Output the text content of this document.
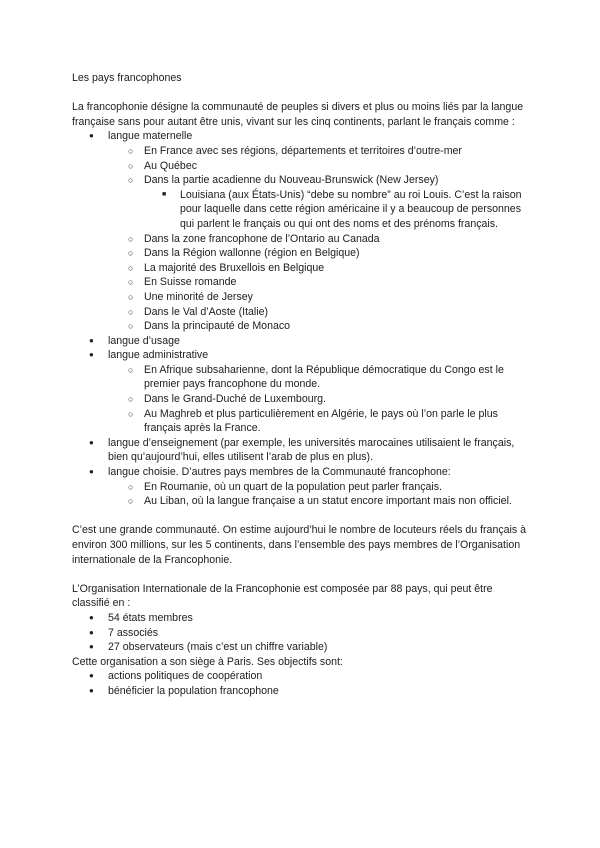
Les pays francophones

La francophonie désigne la communauté de peuples si divers et plus ou moins liés par la langue française sans pour autant être unis, vivant sur les cinq continents, parlant le français comme :

● langue maternelle
○ En France avec ses régions, départements et territoires d’outre-mer
○ Au Québec
○ Dans la partie acadienne du Nouveau-Brunswick (New Jersey)
■ Louisiana (aux États-Unis) “debe su nombre” au roi Louis. C’est la raison pour laquelle dans cette région américaine il y a beaucoup de personnes qui parlent le français ou qui ont des noms et des prénoms français.
○ Dans la zone francophone de l’Ontario au Canada
○ Dans la Région wallonne (région en Belgique)
○ La majorité des Bruxellois en Belgique
○ En Suisse romande
○ Une minorité de Jersey
○ Dans le Val d’Aoste (Italie)
○ Dans la principauté de Monaco
● langue d’usage
● langue administrative
○ En Afrique subsaharienne, dont la République démocratique du Congo est le premier pays francophone du monde.
○ Dans le Grand-Duché de Luxembourg.
○ Au Maghreb et plus particulièrement en Algérie, le pays où l’on parle le plus français après la France.
● langue d’enseignement (par exemple, les universités marocaines utilisaient le français, bien qu’aujourd’hui, elles utilisent l’arab de plus en plus).
● langue choisie. D’autres pays membres de la Communauté francophone:
○ En Roumanie, où un quart de la population peut parler français.
○ Au Liban, où la langue française a un statut encore important mais non officiel.

C’est une grande communauté. On estime aujourd’hui le nombre de locuteurs réels du français à environ 300 millions, sur les 5 continents, dans l’ensemble des pays membres de l’Organisation internationale de la Francophonie.

L’Organisation Internationale de la Francophonie est composée par 88 pays, qui peut être classifié en :

● 54 états membres
● 7 associés
● 27 observateurs (mais c’est un chiffre variable)

Cette organisation a son siège à Paris. Ses objectifs sont:

● actions politiques de coopération
● bénéficier la population francophone
